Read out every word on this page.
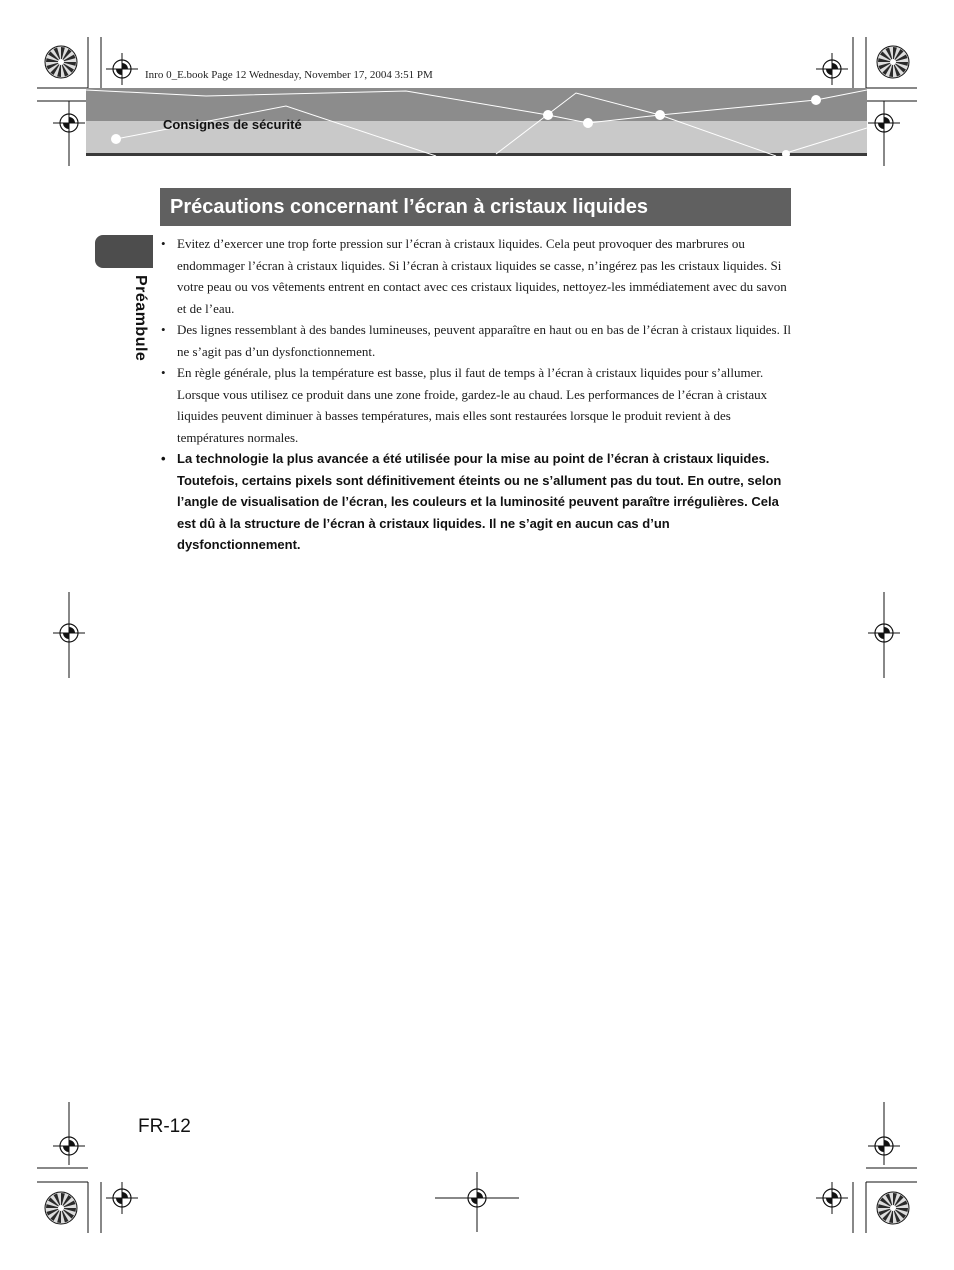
Inro 0_E.book Page 12 Wednesday, November 17, 2004 3:51 PM
Consignes de sécurité
Préambule
Précautions concernant l’écran à cristaux liquides
• Evitez d’exercer une trop forte pression sur l’écran à cristaux liquides. Cela peut provoquer des marbrures ou endommager l’écran à cristaux liquides. Si l’écran à cristaux liquides se casse, n’ingérez pas les cristaux liquides. Si votre peau ou vos vêtements entrent en contact avec ces cristaux liquides, nettoyez-les immédiatement avec du savon et de l’eau.
• Des lignes ressemblant à des bandes lumineuses, peuvent apparaître en haut ou en bas de l’écran à cristaux liquides. Il ne s’agit pas d’un dysfonctionnement.
• En règle générale, plus la température est basse, plus il faut de temps à l’écran à cristaux liquides pour s’allumer. Lorsque vous utilisez ce produit dans une zone froide, gardez-le au chaud. Les performances de l’écran à cristaux liquides peuvent diminuer à basses températures, mais elles sont restaurées lorsque le produit revient à des températures normales.
• La technologie la plus avancée a été utilisée pour la mise au point de l’écran à cristaux liquides. Toutefois, certains pixels sont définitivement éteints ou ne s’allument pas du tout. En outre, selon l’angle de visualisation de l’écran, les couleurs et la luminosité peuvent paraître irrégulières. Cela est dû à la structure de l’écran à cristaux liquides. Il ne s’agit en aucun cas d’un dysfonctionnement.
FR-12
